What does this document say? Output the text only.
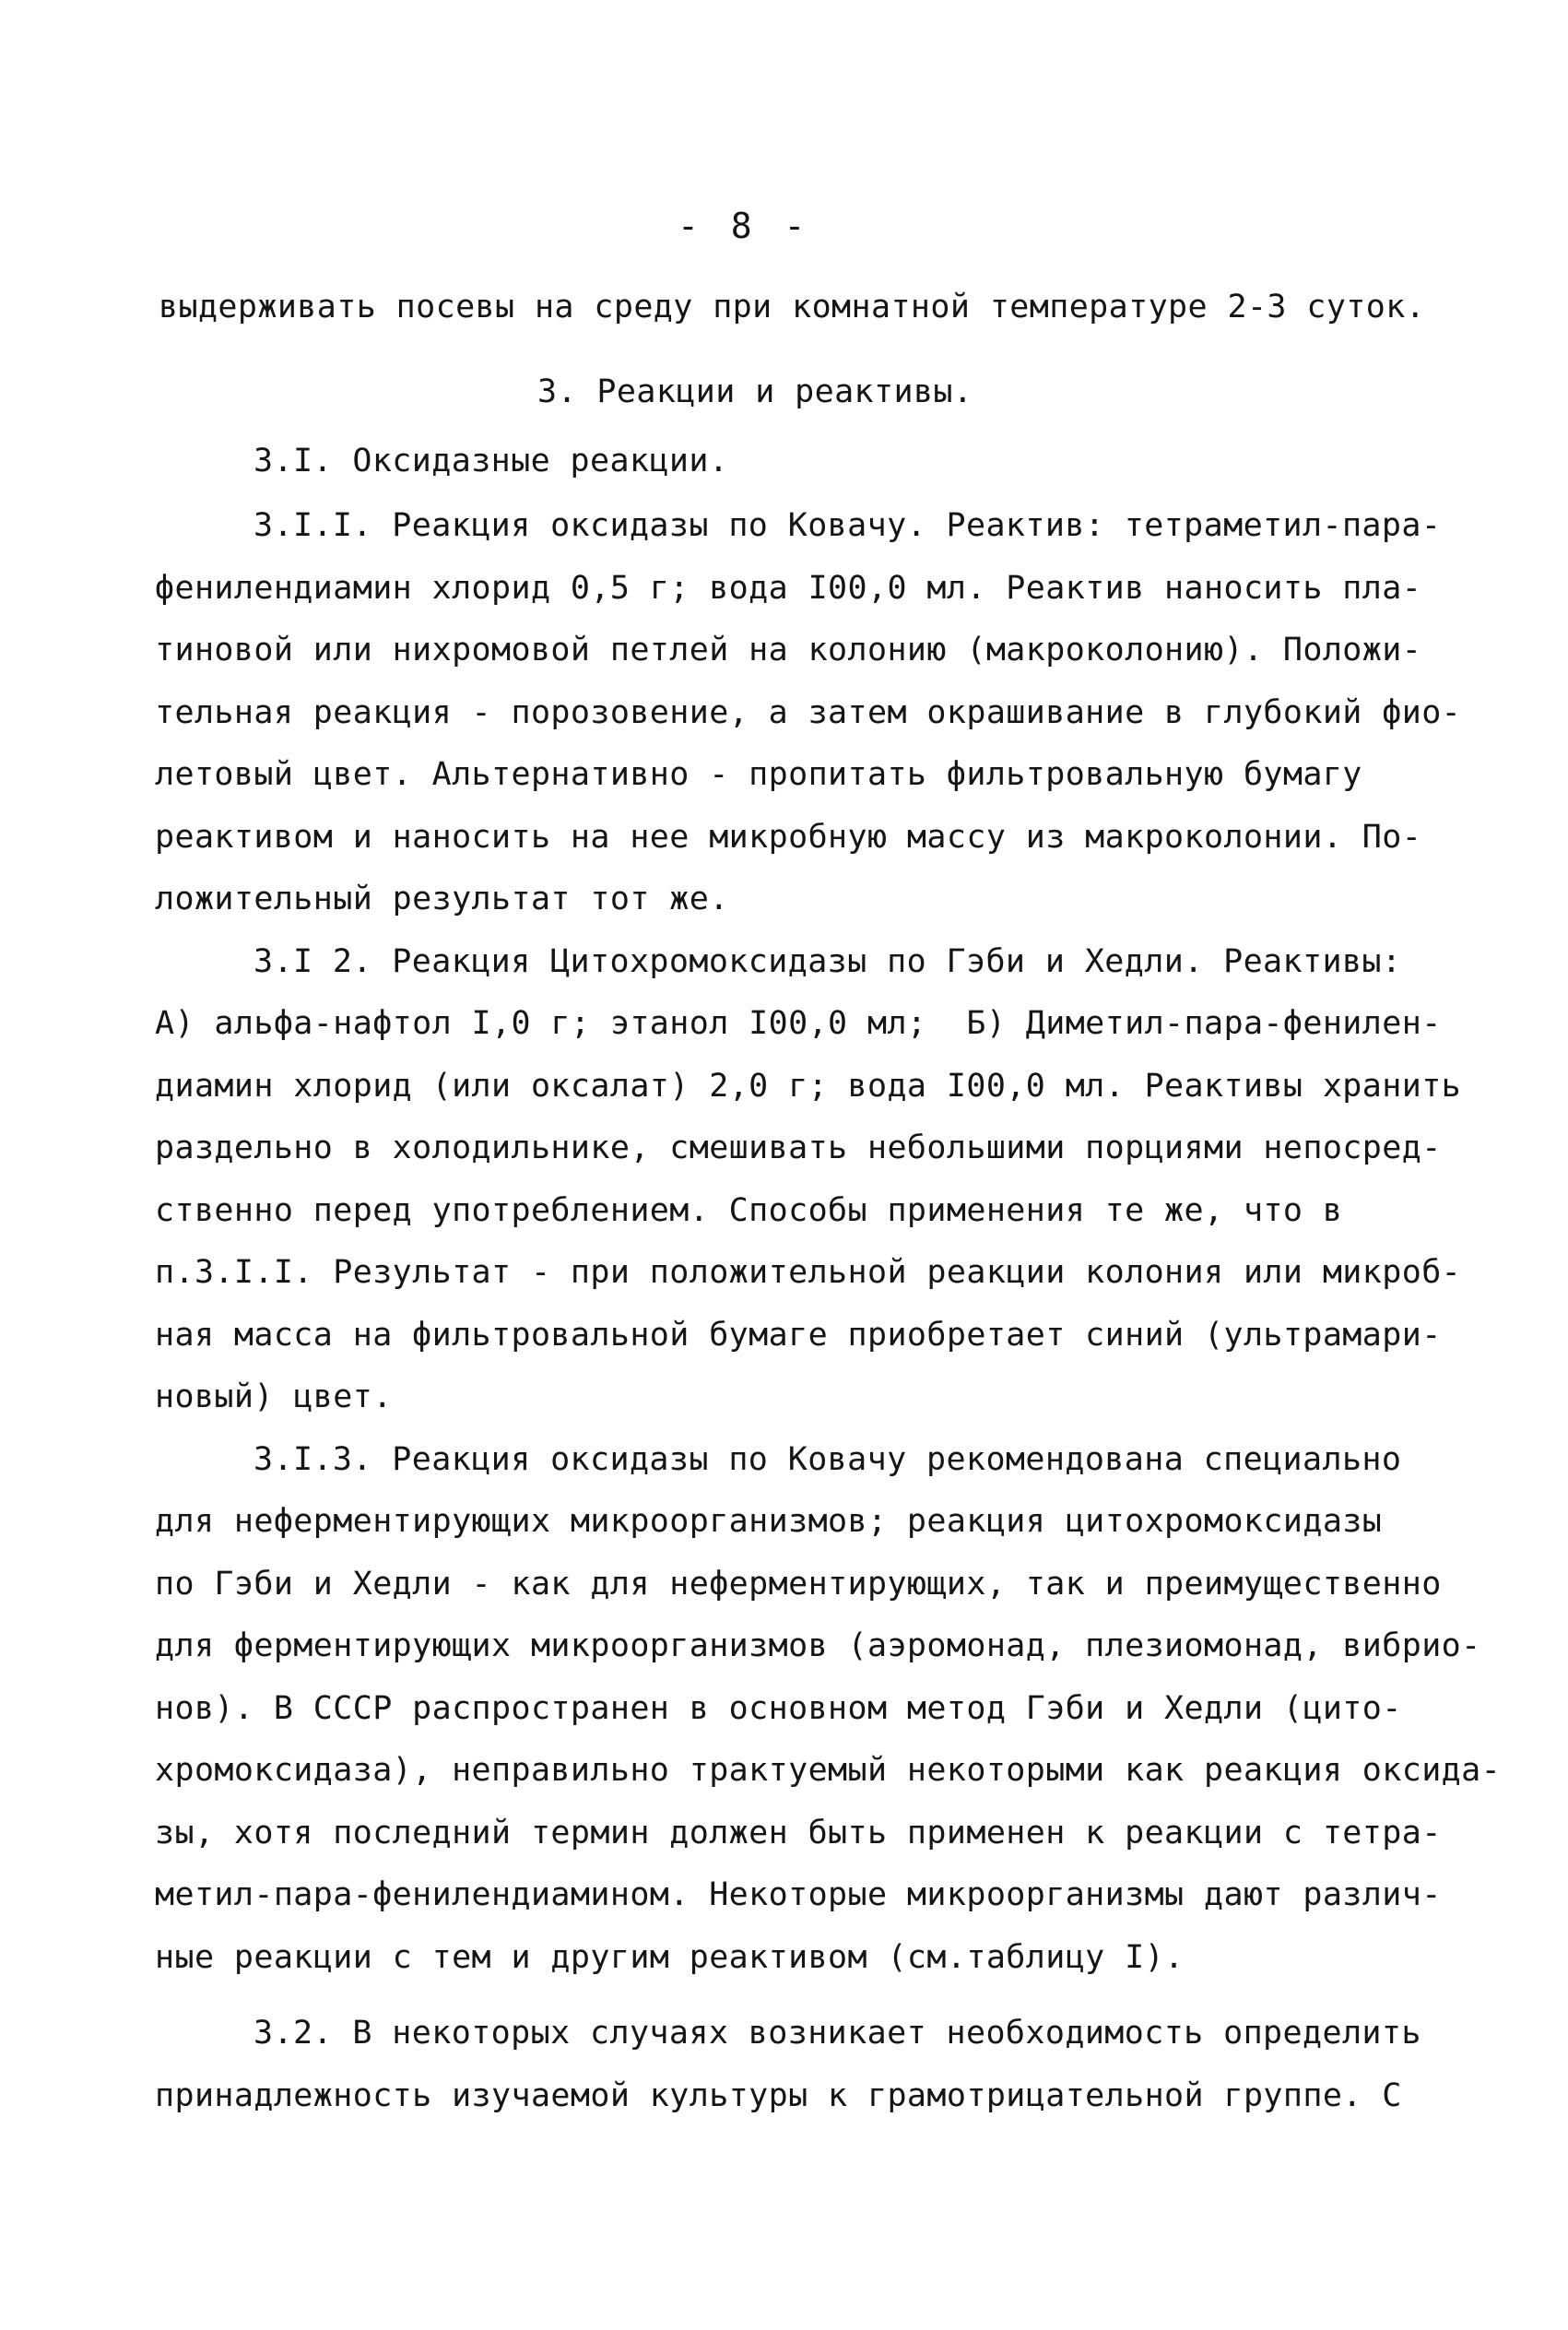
- 8 -
выдерживать посевы на среду при комнатной температуре 2-3 суток.
3. Реакции и реактивы.
3.I. Оксидазные реакции.
3.I.I. Реакция оксидазы по Ковачу. Реактив: тетраметил-пара-
фенилендиамин хлорид 0,5 г; вода I00,0 мл. Реактив наносить пла-
тиновой или нихромовой петлей на колонию (макроколонию). Положи-
тельная реакция - порозовение, а затем окрашивание в глубокий фио-
летовый цвет. Альтернативно - пропитать фильтровальную бумагу
реактивом и наносить на нее микробную массу из макроколонии. По-
ложительный результат тот же.
3.I 2. Реакция Цитохромоксидазы по Гэби и Хедли. Реактивы:
А) альфа-нафтол I,0 г; этанол I00,0 мл;  Б) Диметил-пара-фенилен-
диамин хлорид (или оксалат) 2,0 г; вода I00,0 мл. Реактивы хранить
раздельно в холодильнике, смешивать небольшими порциями непосред-
ственно перед употреблением. Способы применения те же, что в
п.3.I.I. Результат - при положительной реакции колония или микроб-
ная масса на фильтровальной бумаге приобретает синий (ультрамари-
новый) цвет.
3.I.3. Реакция оксидазы по Ковачу рекомендована специально
для неферментирующих микроорганизмов; реакция цитохромоксидазы
по Гэби и Хедли - как для неферментирующих, так и преимущественно
для ферментирующих микроорганизмов (аэромонад, плезиомонад, вибрио-
нов). В СССР распространен в основном метод Гэби и Хедли (цито-
хромоксидаза), неправильно трактуемый некоторыми как реакция оксида-
зы, хотя последний термин должен быть применен к реакции с тетра-
метил-пара-фенилендиамином. Некоторые микроорганизмы дают различ-
ные реакции с тем и другим реактивом (см.таблицу I).
3.2. В некоторых случаях возникает необходимость определить
принадлежность изучаемой культуры к грамотрицательной группе. С
